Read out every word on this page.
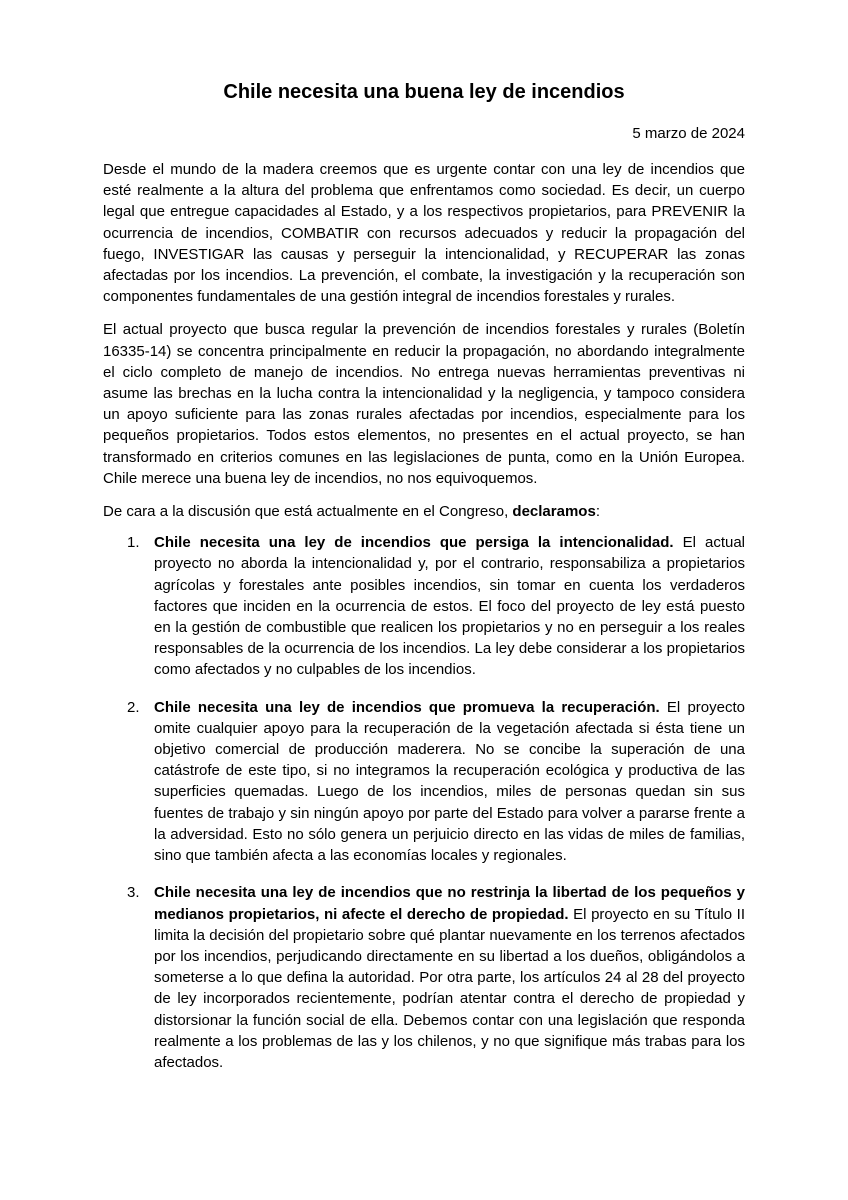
Chile necesita una buena ley de incendios
5 marzo de 2024

Desde el mundo de la madera creemos que es urgente contar con una ley de incendios que esté realmente a la altura del problema que enfrentamos como sociedad. Es decir, un cuerpo legal que entregue capacidades al Estado, y a los respectivos propietarios, para PREVENIR la ocurrencia de incendios, COMBATIR con recursos adecuados y reducir la propagación del fuego, INVESTIGAR las causas y perseguir la intencionalidad, y RECUPERAR las zonas afectadas por los incendios. La prevención, el combate, la investigación y la recuperación son componentes fundamentales de una gestión integral de incendios forestales y rurales.

El actual proyecto que busca regular la prevención de incendios forestales y rurales (Boletín 16335-14) se concentra principalmente en reducir la propagación, no abordando integralmente el ciclo completo de manejo de incendios. No entrega nuevas herramientas preventivas ni asume las brechas en la lucha contra la intencionalidad y la negligencia, y tampoco considera un apoyo suficiente para las zonas rurales afectadas por incendios, especialmente para los pequeños propietarios. Todos estos elementos, no presentes en el actual proyecto, se han transformado en criterios comunes en las legislaciones de punta, como en la Unión Europea. Chile merece una buena ley de incendios, no nos equivoquemos.

De cara a la discusión que está actualmente en el Congreso, declaramos:

1. Chile necesita una ley de incendios que persiga la intencionalidad. El actual proyecto no aborda la intencionalidad y, por el contrario, responsabiliza a propietarios agrícolas y forestales ante posibles incendios, sin tomar en cuenta los verdaderos factores que inciden en la ocurrencia de estos. El foco del proyecto de ley está puesto en la gestión de combustible que realicen los propietarios y no en perseguir a los reales responsables de la ocurrencia de los incendios. La ley debe considerar a los propietarios como afectados y no culpables de los incendios.

2. Chile necesita una ley de incendios que promueva la recuperación. El proyecto omite cualquier apoyo para la recuperación de la vegetación afectada si ésta tiene un objetivo comercial de producción maderera. No se concibe la superación de una catástrofe de este tipo, si no integramos la recuperación ecológica y productiva de las superficies quemadas. Luego de los incendios, miles de personas quedan sin sus fuentes de trabajo y sin ningún apoyo por parte del Estado para volver a pararse frente a la adversidad. Esto no sólo genera un perjuicio directo en las vidas de miles de familias, sino que también afecta a las economías locales y regionales.

3. Chile necesita una ley de incendios que no restrinja la libertad de los pequeños y medianos propietarios, ni afecte el derecho de propiedad. El proyecto en su Título II limita la decisión del propietario sobre qué plantar nuevamente en los terrenos afectados por los incendios, perjudicando directamente en su libertad a los dueños, obligándolos a someterse a lo que defina la autoridad. Por otra parte, los artículos 24 al 28 del proyecto de ley incorporados recientemente, podrían atentar contra el derecho de propiedad y distorsionar la función social de ella. Debemos contar con una legislación que responda realmente a los problemas de las y los chilenos, y no que signifique más trabas para los afectados.
